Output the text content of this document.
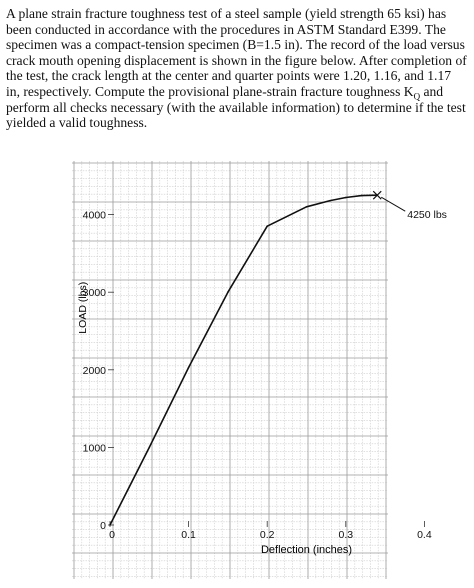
A plane strain fracture toughness test of a steel sample (yield strength 65 ksi) has been conducted in accordance with the procedures in ASTM Standard E399. The specimen was a compact-tension specimen (B=1.5 in). The record of the load versus crack mouth opening displacement is shown in the figure below. After completion of the test, the crack length at the center and quarter points were 1.20, 1.16, and 1.17 in, respectively. Compute the provisional plane-strain fracture toughness $K_Q$ and perform all checks necessary (with the available information) to determine if the test yielded a valid toughness.

0	0.1	0.2	0.3	0.4
0
1000
2000
3000
4000	4250 lbs
Deflection (inches)
LOAD (lbs)
